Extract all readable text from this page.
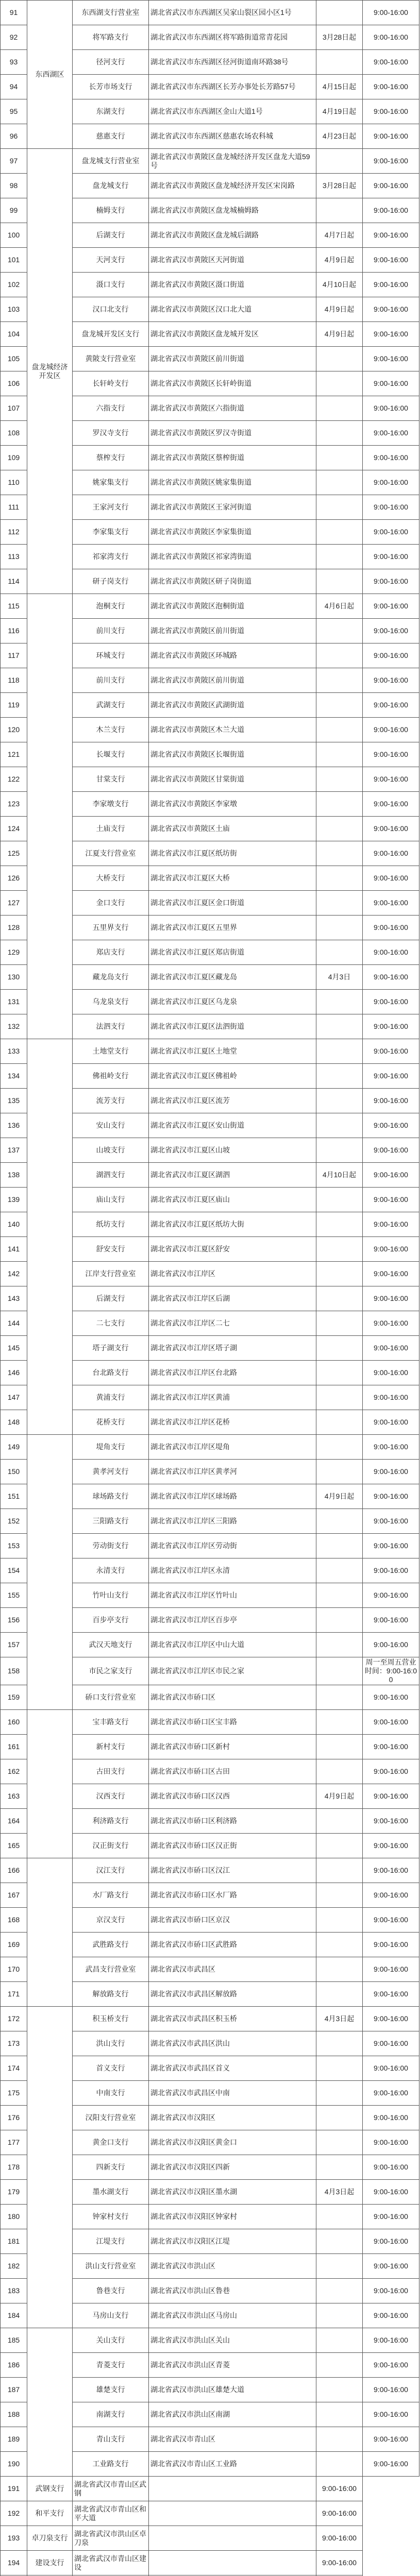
91	东西湖区	东西湖支行营业室	湖北省武汉市东西湖区吴家山裂区园小区1号		9:00-16:00
92		将军路支行	湖北省武汉市东西湖区将军路街道常青花园	3月28日起	9:00-16:00
93		径河支行	湖北省武汉市东西湖区径河街道南环路38号		9:00-16:00
94		长芳市场支行	湖北省武汉市东西湖区长芳办事处长芳路57号	4月15日起	9:00-16:00
95		东湖支行	湖北省武汉市东西湖区金山大道1号	4月19日起	9:00-16:00
96		慈惠支行	湖北省武汉市东西湖区慈惠农场农科城	4月23日起	9:00-16:00
97	盘龙城经济开发区	盘龙城支行营业室	湖北省武汉市黄陂区盘龙城经济开发区盘龙大道59号		9:00-16:00
98		盘龙城支行	湖北省武汉市黄陂区盘龙城经济开发区宋岗路	3月28日起	9:00-16:00
99		楠姆支行	湖北省武汉市黄陂区盘龙城楠姆路		9:00-16:00
100		后湖支行	湖北省武汉市黄陂区盘龙城后湖路	4月7日起	9:00-16:00
101		天河支行	湖北省武汉市黄陂区天河街道	4月9日起	9:00-16:00
102		滠口支行	湖北省武汉市黄陂区滠口街道	4月10日起	9:00-16:00
103		汉口北支行	湖北省武汉市黄陂区汉口北大道	4月9日起	9:00-16:00
104		盘龙城开发区支行	湖北省武汉市黄陂区盘龙城开发区	4月9日起	9:00-16:00
105		黄陂支行营业室	湖北省武汉市黄陂区前川街道		9:00-16:00
106		长轩岭支行	湖北省武汉市黄陂区长轩岭街道		9:00-16:00
107		六指支行	湖北省武汉市黄陂区六指街道		9:00-16:00
108		罗汉寺支行	湖北省武汉市黄陂区罗汉寺街道		9:00-16:00
109		蔡榨支行	湖北省武汉市黄陂区蔡榨街道		9:00-16:00
110		姚家集支行	湖北省武汉市黄陂区姚家集街道		9:00-16:00
111		王家河支行	湖北省武汉市黄陂区王家河街道		9:00-16:00
112		李家集支行	湖北省武汉市黄陂区李家集街道		9:00-16:00
113		祁家湾支行	湖北省武汉市黄陂区祁家湾街道		9:00-16:00
114		研子岗支行	湖北省武汉市黄陂区研子岗街道		9:00-16:00
115		泡桐支行	湖北省武汉市黄陂区泡桐街道	4月6日起	9:00-16:00
116		前川支行	湖北省武汉市黄陂区前川街道		9:00-16:00
117		环城支行	湖北省武汉市黄陂区环城路		9:00-16:00
118		前川支行	湖北省武汉市黄陂区前川街道		9:00-16:00
119		武湖支行	湖北省武汉市黄陂区武湖街道		9:00-16:00
120		木兰支行	湖北省武汉市黄陂区木兰大道		9:00-16:00
121		长堰支行	湖北省武汉市黄陂区长堰街道		9:00-16:00
122		甘棠支行	湖北省武汉市黄陂区甘棠街道		9:00-16:00
123		李家墩支行	湖北省武汉市黄陂区李家墩		9:00-16:00
124		土庙支行	湖北省武汉市黄陂区土庙		9:00-16:00
125		江夏支行营业室	湖北省武汉市江夏区纸坊街		9:00-16:00
126		大桥支行	湖北省武汉市江夏区大桥		9:00-16:00
127		金口支行	湖北省武汉市江夏区金口街道		9:00-16:00
128		五里界支行	湖北省武汉市江夏区五里界		9:00-16:00
129		郑店支行	湖北省武汉市江夏区郑店街道		9:00-16:00
130		藏龙岛支行	湖北省武汉市江夏区藏龙岛	4月3日	9:00-16:00
131		乌龙泉支行	湖北省武汉市江夏区乌龙泉		9:00-16:00
132		法泗支行	湖北省武汉市江夏区法泗街道		9:00-16:00
133		土地堂支行	湖北省武汉市江夏区土地堂		9:00-16:00
134		佛祖岭支行	湖北省武汉市江夏区佛祖岭		9:00-16:00
135		流芳支行	湖北省武汉市江夏区流芳		9:00-16:00
136		安山支行	湖北省武汉市江夏区安山街道		9:00-16:00
137		山坡支行	湖北省武汉市江夏区山坡		9:00-16:00
138		湖泗支行	湖北省武汉市江夏区湖泗	4月10日起	9:00-16:00
139		庙山支行	湖北省武汉市江夏区庙山		9:00-16:00
140		纸坊支行	湖北省武汉市江夏区纸坊大街		9:00-16:00
141		舒安支行	湖北省武汉市江夏区舒安		9:00-16:00
142		江岸支行营业室	湖北省武汉市江岸区		9:00-16:00
143		后湖支行	湖北省武汉市江岸区后湖		9:00-16:00
144		二七支行	湖北省武汉市江岸区二七		9:00-16:00
145		塔子湖支行	湖北省武汉市江岸区塔子湖		9:00-16:00
146		台北路支行	湖北省武汉市江岸区台北路		9:00-16:00
147		黄浦支行	湖北省武汉市江岸区黄浦		9:00-16:00
148		花桥支行	湖北省武汉市江岸区花桥		9:00-16:00
149		堤角支行	湖北省武汉市江岸区堤角		9:00-16:00
150		黄孝河支行	湖北省武汉市江岸区黄孝河		9:00-16:00
151		球场路支行	湖北省武汉市江岸区球场路	4月9日起	9:00-16:00
152		三阳路支行	湖北省武汉市江岸区三阳路		9:00-16:00
153		劳动街支行	湖北省武汉市江岸区劳动街		9:00-16:00
154		永清支行	湖北省武汉市江岸区永清		9:00-16:00
155		竹叶山支行	湖北省武汉市江岸区竹叶山		9:00-16:00
156		百步亭支行	湖北省武汉市江岸区百步亭		9:00-16:00
157		武汉天地支行	湖北省武汉市江岸区中山大道		9:00-16:00
158		市民之家支行	湖北省武汉市江岸区市民之家		周一至周五营业时间：9:00-16:00
159		硚口支行营业室	湖北省武汉市硚口区		9:00-16:00
160		宝丰路支行	湖北省武汉市硚口区宝丰路		9:00-16:00
161		新村支行	湖北省武汉市硚口区新村		9:00-16:00
162		古田支行	湖北省武汉市硚口区古田		9:00-16:00
163		汉西支行	湖北省武汉市硚口区汉西	4月9日起	9:00-16:00
164		利济路支行	湖北省武汉市硚口区利济路		9:00-16:00
165		汉正街支行	湖北省武汉市硚口区汉正街		9:00-16:00
166		汉江支行	湖北省武汉市硚口区汉江		9:00-16:00
167		水厂路支行	湖北省武汉市硚口区水厂路		9:00-16:00
168		京汉支行	湖北省武汉市硚口区京汉		9:00-16:00
169		武胜路支行	湖北省武汉市硚口区武胜路		9:00-16:00
170		武昌支行营业室	湖北省武汉市武昌区		9:00-16:00
171		解放路支行	湖北省武汉市武昌区解放路		9:00-16:00
172		积玉桥支行	湖北省武汉市武昌区积玉桥	4月3日起	9:00-16:00
173		洪山支行	湖北省武汉市武昌区洪山		9:00-16:00
174		首义支行	湖北省武汉市武昌区首义		9:00-16:00
175		中南支行	湖北省武汉市武昌区中南		9:00-16:00
176		汉阳支行营业室	湖北省武汉市汉阳区		9:00-16:00
177		黄金口支行	湖北省武汉市汉阳区黄金口		9:00-16:00
178		四新支行	湖北省武汉市汉阳区四新		9:00-16:00
179		墨水湖支行	湖北省武汉市汉阳区墨水湖	4月3日起	9:00-16:00
180		钟家村支行	湖北省武汉市汉阳区钟家村		9:00-16:00
181		江堤支行	湖北省武汉市汉阳区江堤		9:00-16:00
182		洪山支行营业室	湖北省武汉市洪山区		9:00-16:00
183		鲁巷支行	湖北省武汉市洪山区鲁巷		9:00-16:00
184		马房山支行	湖北省武汉市洪山区马房山		9:00-16:00
185		关山支行	湖北省武汉市洪山区关山		9:00-16:00
186		青菱支行	湖北省武汉市洪山区青菱		9:00-16:00
187		雄楚支行	湖北省武汉市洪山区雄楚大道		9:00-16:00
188		南湖支行	湖北省武汉市洪山区南湖		9:00-16:00
189		青山支行	湖北省武汉市青山区		9:00-16:00
190		工业路支行	湖北省武汉市青山区工业路		9:00-16:00
191	武钢支行	湖北省武汉市青山区武钢		9:00-16:00	
192	和平支行	湖北省武汉市青山区和平大道		9:00-16:00	
193	卓刀泉支行	湖北省武汉市洪山区卓刀泉		9:00-16:00	
194	建设支行	湖北省武汉市青山区建设		9:00-16:00	
